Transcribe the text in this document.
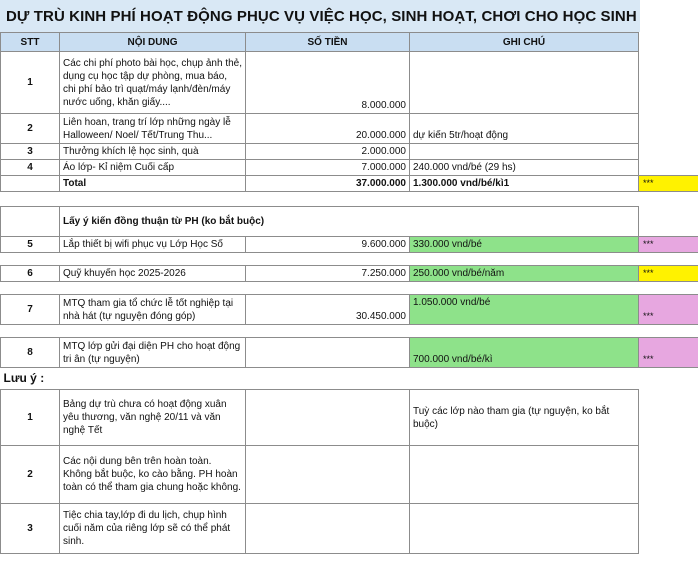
DỰ TRÙ KINH PHÍ HOẠT ĐỘNG PHỤC VỤ VIỆC HỌC, SINH HOẠT, CHƠI CHO HỌC SINH
STT	NỘI DUNG	SỐ TIỀN	GHI CHÚ	
1	Các chi phí photo bài học, chụp ảnh thẻ, dụng cụ học tập dự phòng, mua báo, chi phí bảo trì quạt/máy lạnh/đèn/máy nước uống, khăn giấy....	8.000.000		
2	Liên hoan, trang trí lớp những ngày lễ Halloween/ Noel/ Tết/Trung Thu...	20.000.000	dự kiến 5tr/hoạt động	
3	Thưởng khích lệ học sinh, quà	2.000.000		
4	Áo lớp- Kỉ niệm Cuối cấp	7.000.000	240.000 vnd/bé (29 hs)	
	Total	37.000.000	1.300.000 vnd/bé/kì1	***

	Lấy ý kiến đồng thuận từ PH (ko bắt buộc)			
5	Lắp thiết bị wifi phục vụ Lớp Học Số	9.600.000	330.000 vnd/bé	***

6	Quỹ khuyến học 2025-2026	7.250.000	250.000 vnd/bé/năm	***

7	MTQ tham gia tổ chức lễ tốt nghiệp tại nhà hát (tự nguyện đóng góp)	30.450.000	1.050.000 vnd/bé	***

8	MTQ lớp gửi đại diện PH cho hoạt động tri ân (tự nguyện)		700.000 vnd/bé/kì	***
Lưu ý :				
1	Bảng dự trù chưa có hoạt động xuân yêu thương, văn nghệ 20/11 và văn nghệ Tết		Tuỳ các lớp nào tham gia (tự nguyện, ko bắt buộc)	
2	Các nội dung bên trên hoàn toàn. Không bắt buộc, ko cào bằng. PH hoàn toàn có thể tham gia chung hoặc không.			
3	Tiệc chia tay,lớp đi du lịch, chụp hình cuối năm của riêng lớp sẽ có thể phát sinh.			
